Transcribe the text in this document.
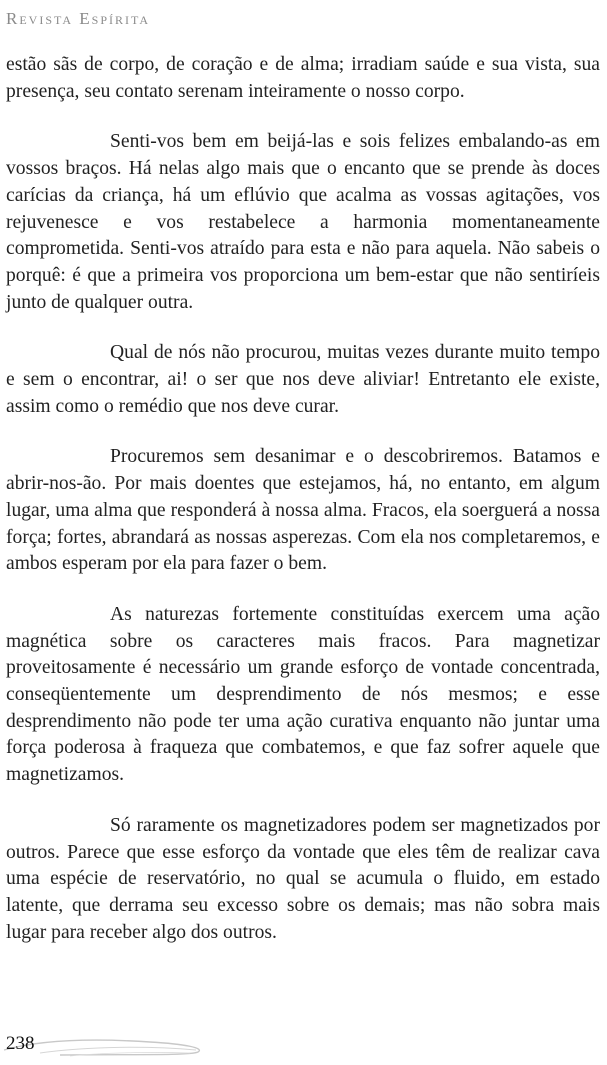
Revista Espírita

estão sãs de corpo, de coração e de alma; irradiam saúde e sua vista, sua presença, seu contato serenam inteiramente o nosso corpo.

Senti-vos bem em beijá-las e sois felizes embalando-as em vossos braços. Há nelas algo mais que o encanto que se prende às doces carícias da criança, há um eflúvio que acalma as vossas agitações, vos rejuvenesce e vos restabelece a harmonia momentaneamente comprometida. Senti-vos atraído para esta e não para aquela. Não sabeis o porquê: é que a primeira vos proporciona um bem-estar que não sentiríeis junto de qualquer outra.

Qual de nós não procurou, muitas vezes durante muito tempo e sem o encontrar, ai! o ser que nos deve aliviar! Entretanto ele existe, assim como o remédio que nos deve curar.

Procuremos sem desanimar e o descobriremos. Batamos e abrir-nos-ão. Por mais doentes que estejamos, há, no entanto, em algum lugar, uma alma que responderá à nossa alma. Fracos, ela soerguerá a nossa força; fortes, abrandará as nossas asperezas. Com ela nos completaremos, e ambos esperam por ela para fazer o bem.

As naturezas fortemente constituídas exercem uma ação magnética sobre os caracteres mais fracos. Para magnetizar proveitosamente é necessário um grande esforço de vontade concentrada, conseqüentemente um desprendimento de nós mesmos; e esse desprendimento não pode ter uma ação curativa enquanto não juntar uma força poderosa à fraqueza que combatemos, e que faz sofrer aquele que magnetizamos.

Só raramente os magnetizadores podem ser magnetizados por outros. Parece que esse esforço da vontade que eles têm de realizar cava uma espécie de reservatório, no qual se acumula o fluido, em estado latente, que derrama seu excesso sobre os demais; mas não sobra mais lugar para receber algo dos outros.

238
